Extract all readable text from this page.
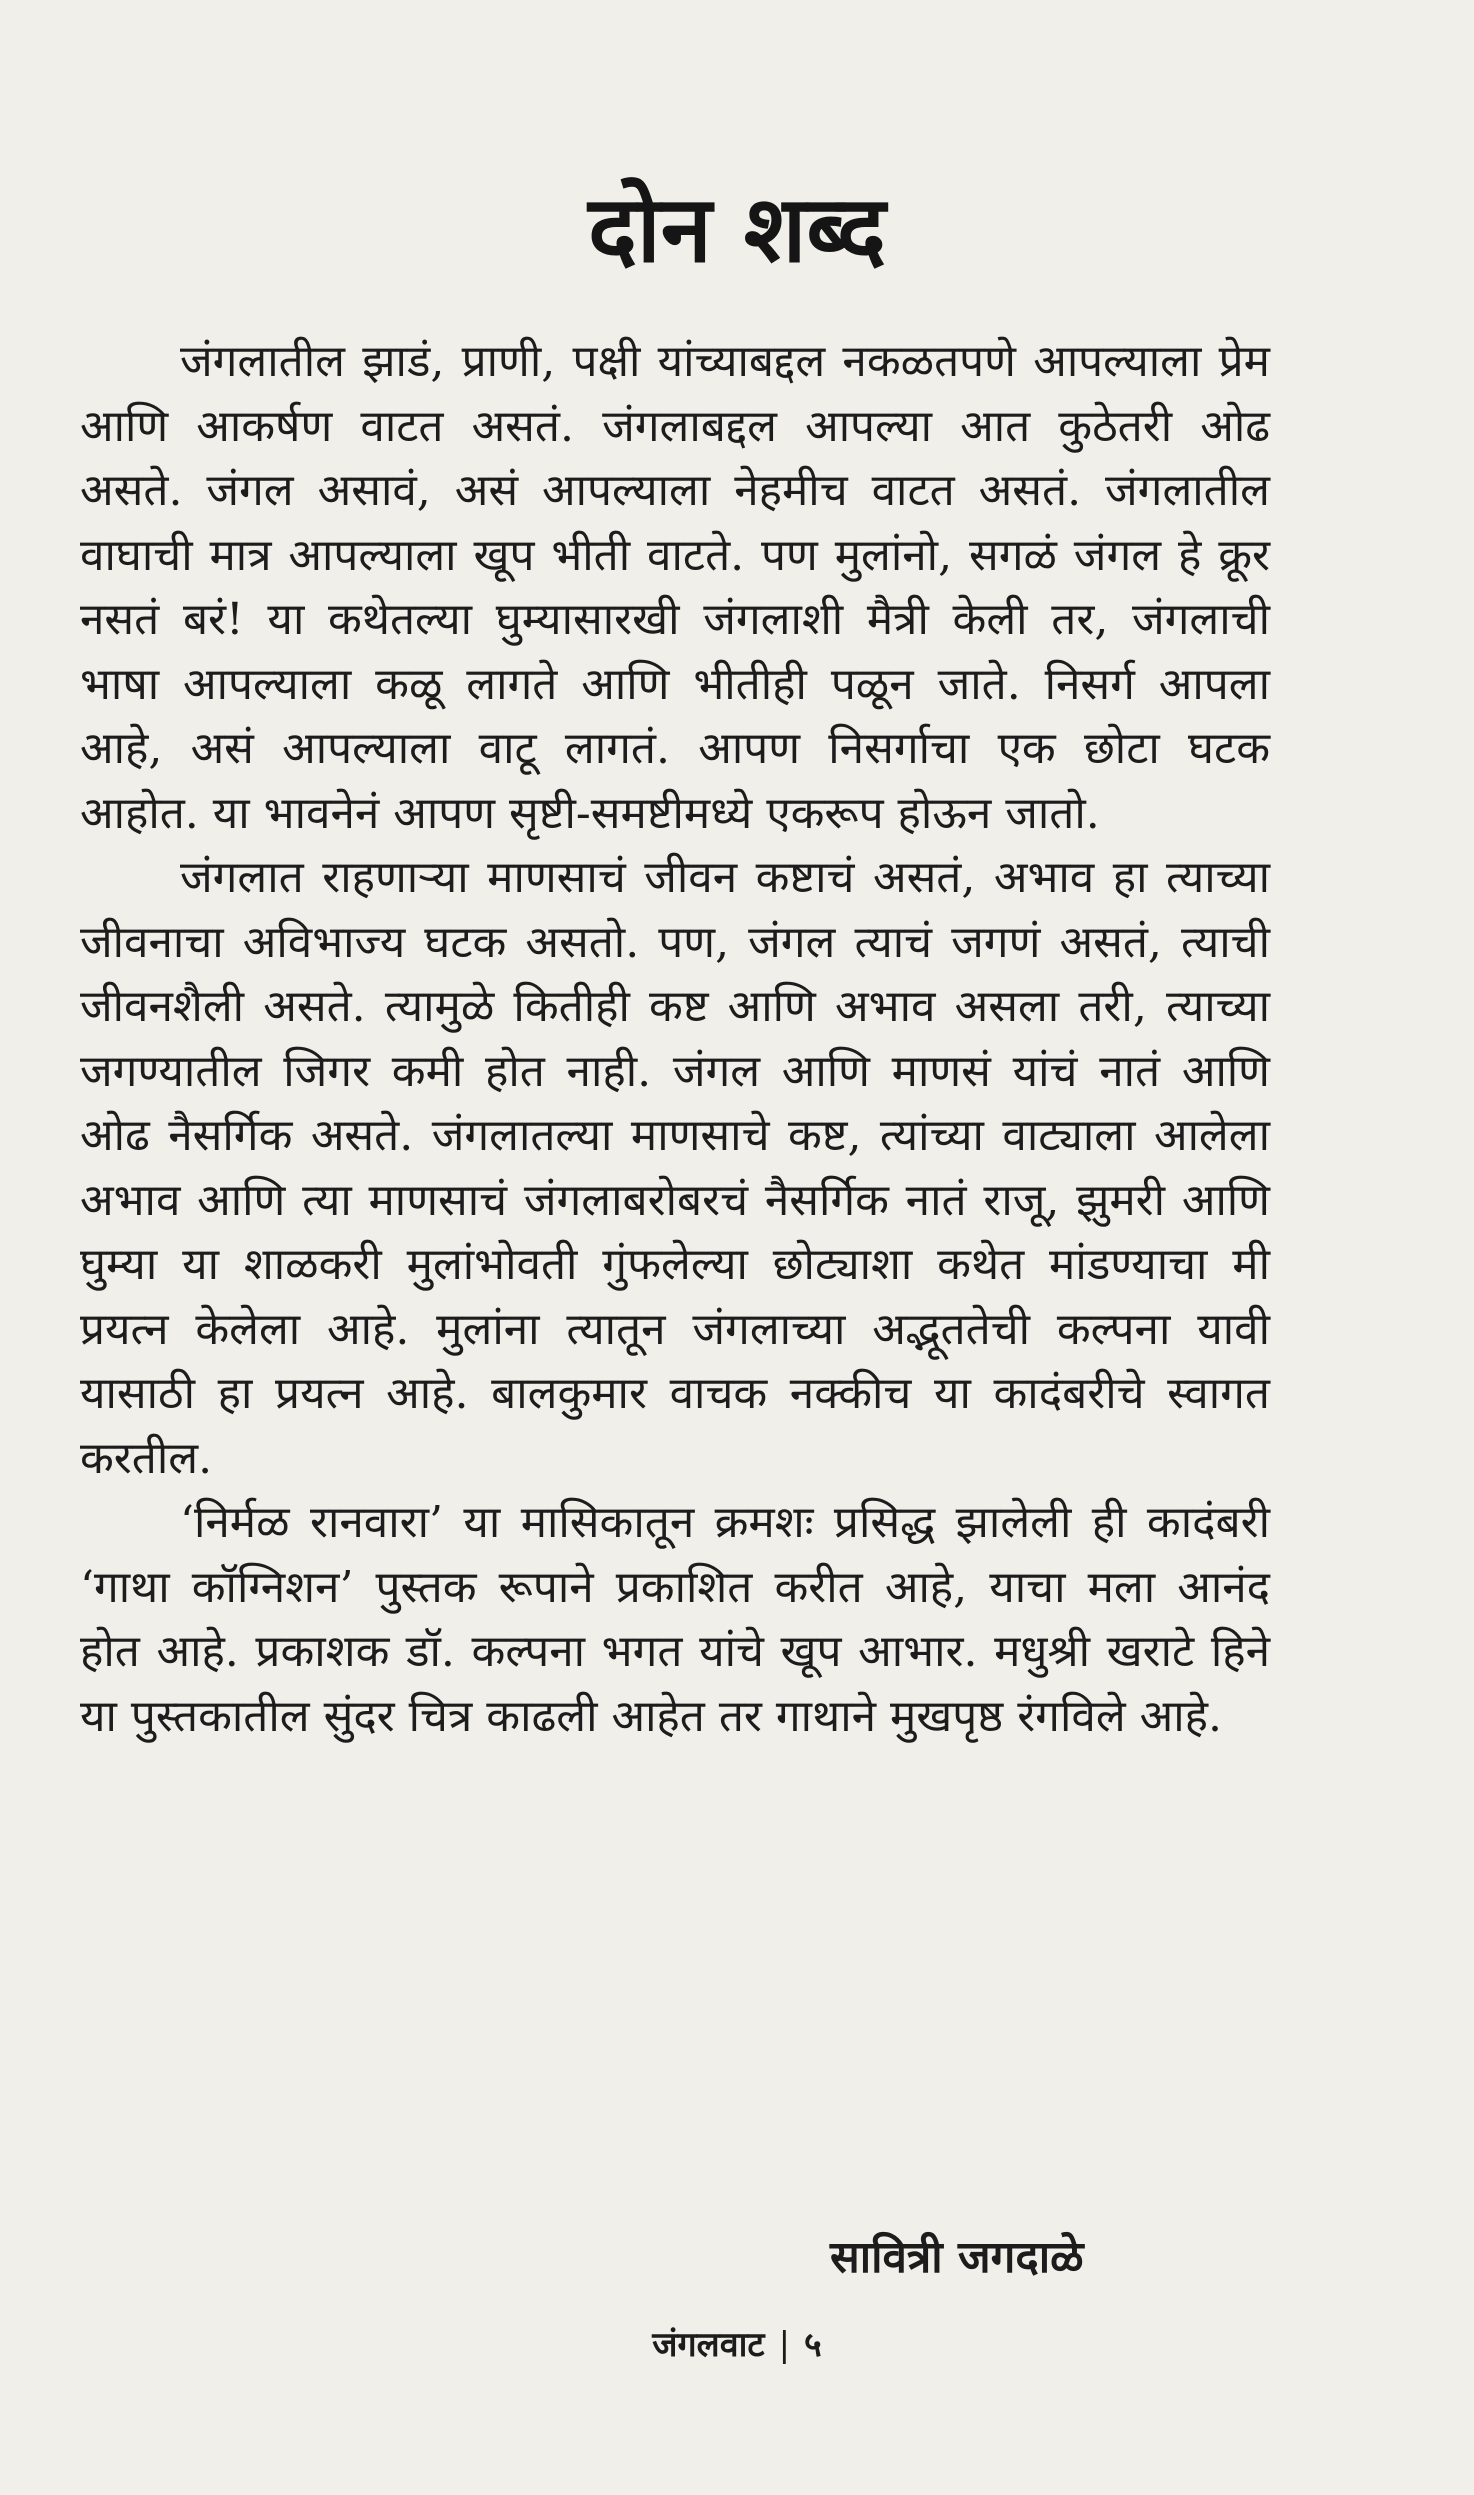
दोन शब्द

जंगलातील झाडं, प्राणी, पक्षी यांच्याबद्दल नकळतपणे आपल्याला प्रेम आणि आकर्षण वाटत असतं. जंगलाबद्दल आपल्या आत कुठेतरी ओढ असते. जंगल असावं, असं आपल्याला नेहमीच वाटत असतं. जंगलातील वाघाची मात्र आपल्याला खूप भीती वाटते. पण मुलांनो, सगळं जंगल हे क्रूर नसतं बरं! या कथेतल्या घुम्यासारखी जंगलाशी मैत्री केली तर, जंगलाची भाषा आपल्याला कळू लागते आणि भीतीही पळून जाते. निसर्ग आपला आहे, असं आपल्याला वाटू लागतं. आपण निसर्गाचा एक छोटा घटक आहोत. या भावनेनं आपण सृष्टी-समष्टीमध्ये एकरूप होऊन जातो.

जंगलात राहणाऱ्या माणसाचं जीवन कष्टाचं असतं, अभाव हा त्याच्या जीवनाचा अविभाज्य घटक असतो. पण, जंगल त्याचं जगणं असतं, त्याची जीवनशैली असते. त्यामुळे कितीही कष्ट आणि अभाव असला तरी, त्याच्या जगण्यातील जिगर कमी होत नाही. जंगल आणि माणसं यांचं नातं आणि ओढ नैसर्गिक असते. जंगलातल्या माणसाचे कष्ट, त्यांच्या वाट्याला आलेला अभाव आणि त्या माणसाचं जंगलाबरोबरचं नैसर्गिक नातं राजू, झुमरी आणि घुम्या या शाळकरी मुलांभोवती गुंफलेल्या छोट्याशा कथेत मांडण्याचा मी प्रयत्न केलेला आहे. मुलांना त्यातून जंगलाच्या अद्भूततेची कल्पना यावी यासाठी हा प्रयत्न आहे. बालकुमार वाचक नक्कीच या कादंबरीचे स्वागत करतील.

‘निर्मळ रानवारा’ या मासिकातून क्रमशः प्रसिद्ध झालेली ही कादंबरी ‘गाथा कॉग्निशन’ पुस्तक रूपाने प्रकाशित करीत आहे, याचा मला आनंद होत आहे. प्रकाशक डॉ. कल्पना भगत यांचे खूप आभार. मधुश्री खराटे हिने या पुस्तकातील सुंदर चित्र काढली आहेत तर गाथाने मुखपृष्ठ रंगविले आहे.

सावित्री जगदाळे

जंगलवाट | ५
